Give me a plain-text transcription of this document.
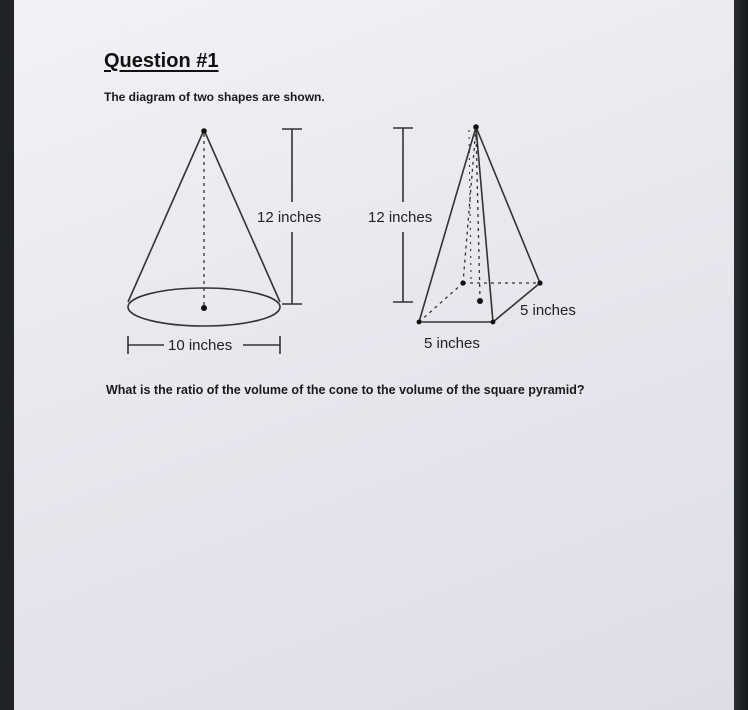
Question #1
The diagram of two shapes are shown.
12 inches
10 inches
12 inches
5 inches
5 inches
What is the ratio of the volume of the cone to the volume of the square pyramid?
